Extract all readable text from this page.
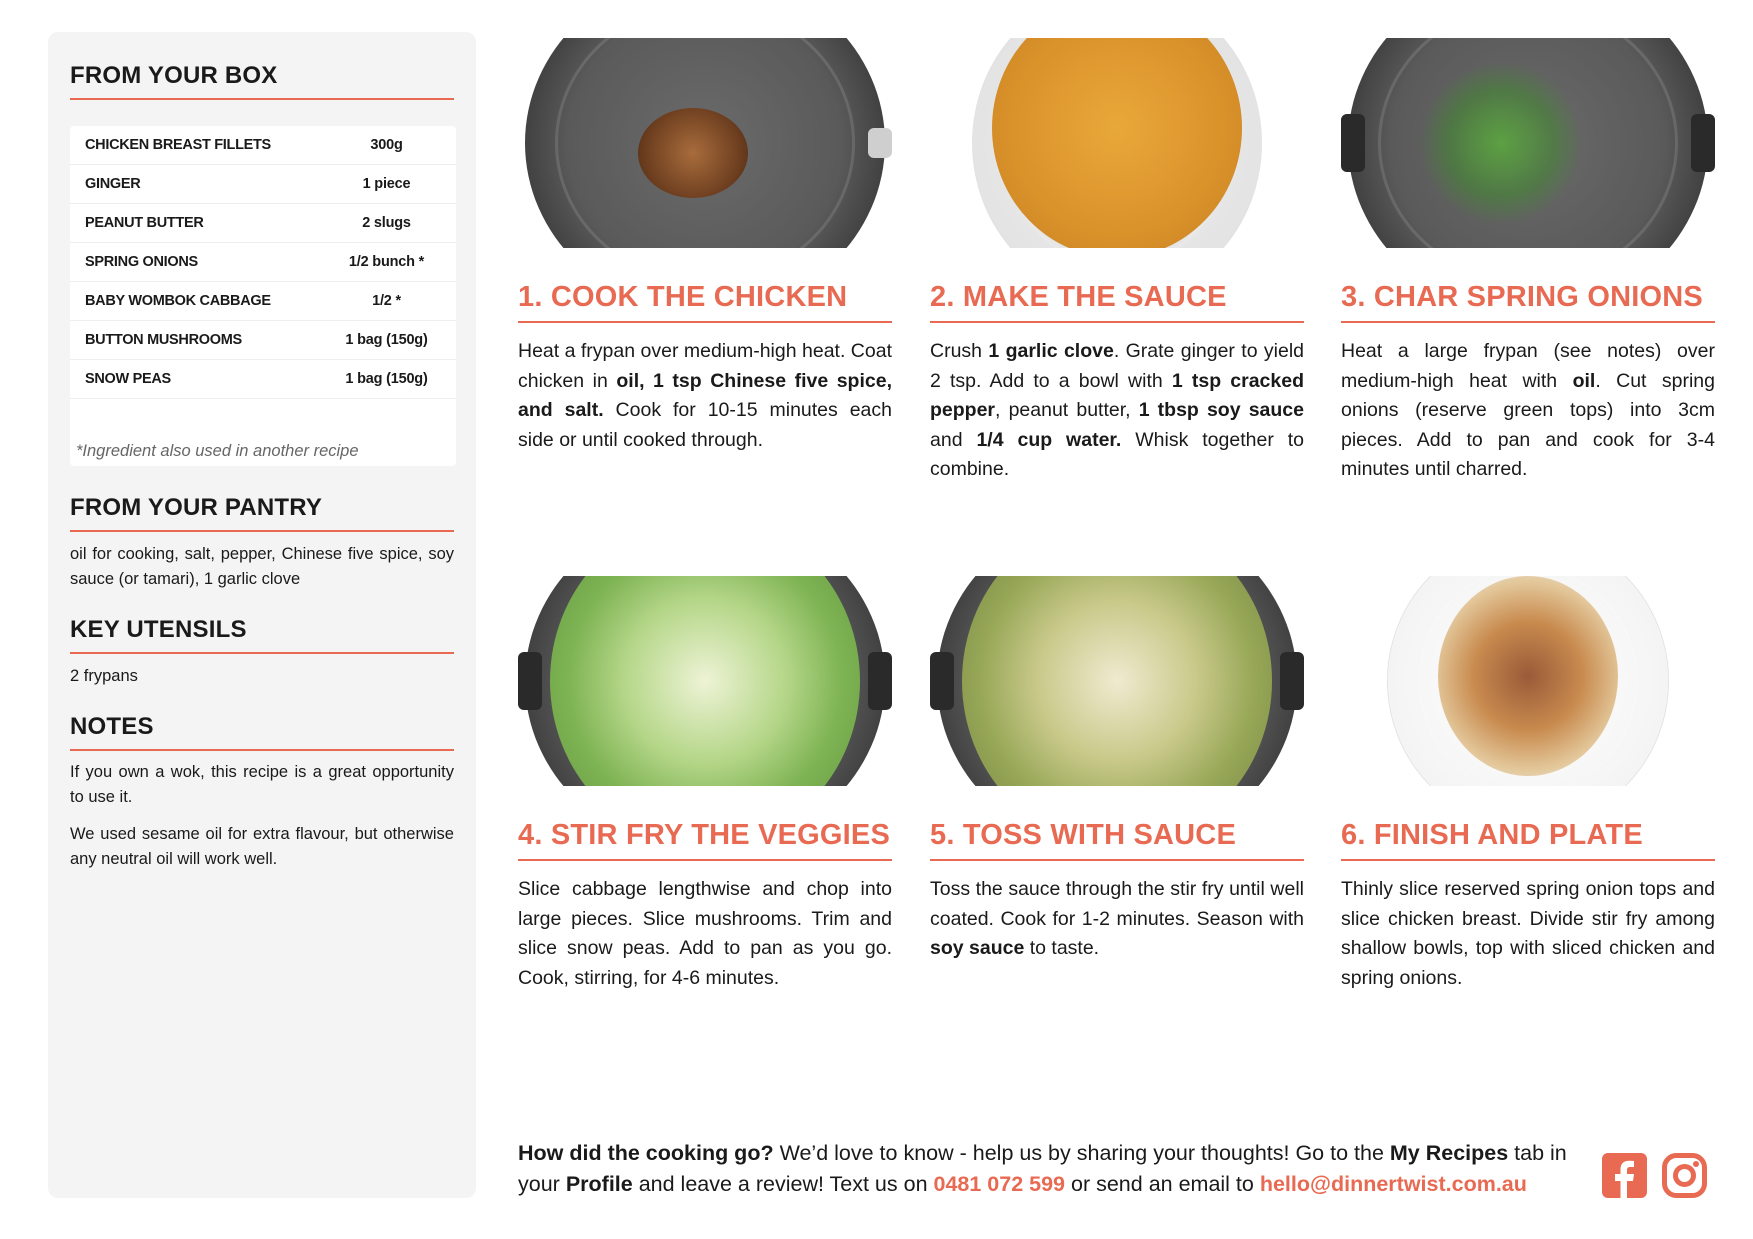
FROM YOUR BOX
CHICKEN BREAST FILLETS	300g
GINGER	1 piece
PEANUT BUTTER	2 slugs
SPRING ONIONS	1/2 bunch *
BABY WOMBOK CABBAGE	1/2 *
BUTTON MUSHROOMS	1 bag (150g)
SNOW PEAS	1 bag (150g)
*Ingredient also used in another recipe
FROM YOUR PANTRY

oil for cooking, salt, pepper, Chinese five spice, soy sauce (or tamari), 1 garlic clove

KEY UTENSILS

2 frypans

NOTES

If you own a wok, this recipe is a great opportunity to use it.

We used sesame oil for extra flavour, but otherwise any neutral oil will work well.

1. COOK THE CHICKEN

Heat a frypan over medium-high heat. Coat chicken in oil, 1 tsp Chinese five spice, and salt. Cook for 10-15 minutes each side or until cooked through.

2. MAKE THE SAUCE

Crush 1 garlic clove. Grate ginger to yield 2 tsp. Add to a bowl with 1 tsp cracked pepper, peanut butter, 1 tbsp soy sauce and 1/4 cup water. Whisk together to combine.

3. CHAR SPRING ONIONS

Heat a large frypan (see notes) over medium-high heat with oil. Cut spring onions (reserve green tops) into 3cm pieces. Add to pan and cook for 3-4 minutes until charred.

4. STIR FRY THE VEGGIES

Slice cabbage lengthwise and chop into large pieces. Slice mushrooms. Trim and slice snow peas. Add to pan as you go. Cook, stirring, for 4-6 minutes.

5. TOSS WITH SAUCE

Toss the sauce through the stir fry until well coated. Cook for 1-2 minutes. Season with soy sauce to taste.

6. FINISH AND PLATE

Thinly slice reserved spring onion tops and slice chicken breast. Divide stir fry among shallow bowls, top with sliced chicken and spring onions.

How did the cooking go? We’d love to know - help us by sharing your thoughts! Go to the My Recipes tab in your Profile and leave a review! Text us on 0481 072 599 or send an email to hello@dinnertwist.com.au
